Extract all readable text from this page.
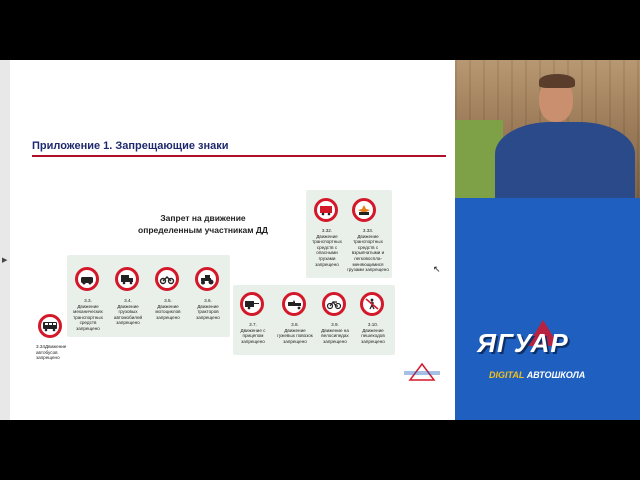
▶
Приложение 1. Запрещающие знаки
Запрет на движение
определенным участникам ДД
3.3.
Движение механических транспортных средств запрещено
3.4.
Движение грузовых автомобилей запрещено
3.5.
Движение мотоциклов запрещено
3.6.
Движение тракторов запрещено
3.7.
Движение с прицепом запрещено
3.8.
Движение гужевых повозок запрещено
3.9.
Движение на велосипедах запрещено
3.10.
Движение пешеходов запрещено
3.32.
Движение транспортных средств с опасными грузами запрещено
3.33.
Движение транспортных средств с взрывчатыми и легковоспла-меняющимися грузами запрещено
3.34Движение автобусов запрещено
↖
ЯГУАР
DIGITAL АВТОШКОЛА
